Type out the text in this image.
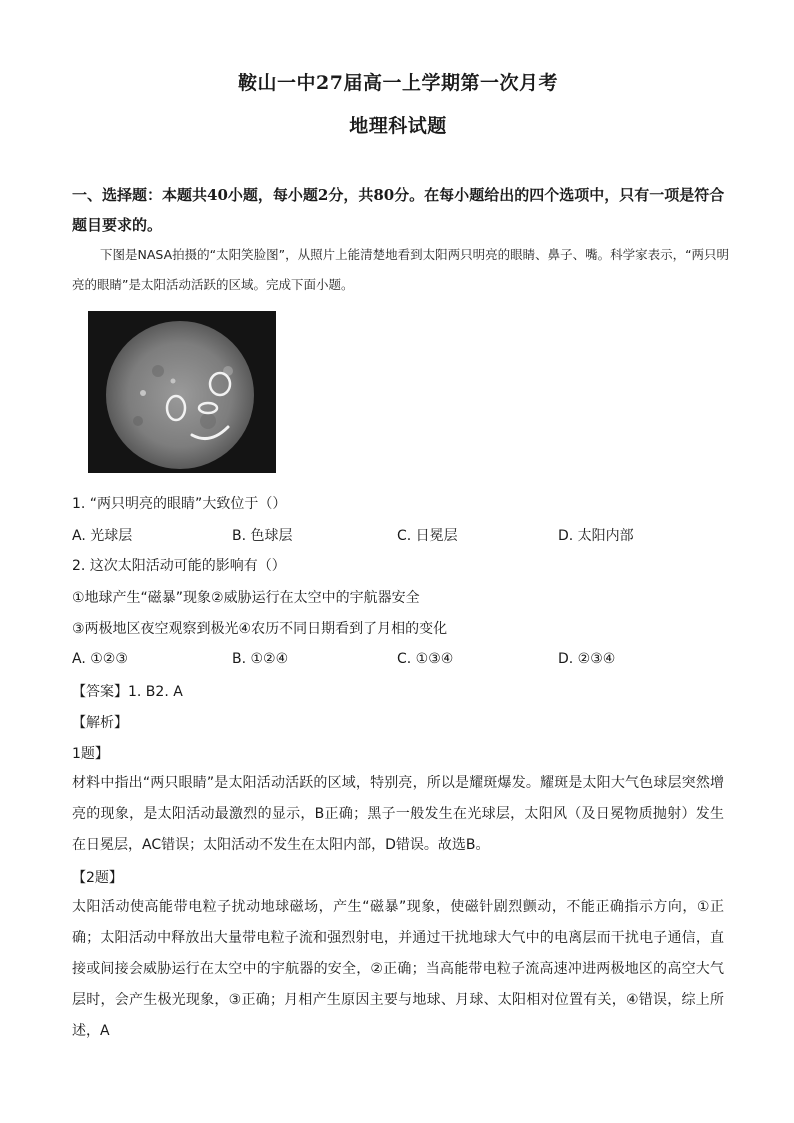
鞍山一中27届高一上学期第一次月考
地理科试题
一、选择题：本题共40小题，每小题2分，共80分。在每小题给出的四个选项中，只有一项是符合题目要求的。
下图是NASA拍摄的“太阳笑脸图”，从照片上能清楚地看到太阳两只明亮的眼睛、鼻子、嘴。科学家表示，“两只明亮的眼睛”是太阳活动活跃的区域。完成下面小题。
1. “两只明亮的眼睛”大致位于（）
A. 光球层	B. 色球层	C. 日冕层	D. 太阳内部
2. 这次太阳活动可能的影响有（）
①地球产生“磁暴”现象②威胁运行在太空中的宇航器安全
③两极地区夜空观察到极光④农历不同日期看到了月相的变化
A. ①②③	B. ①②④	C. ①③④	D. ②③④
【答案】1. B2. A
【解析】
1题】
材料中指出“两只眼睛”是太阳活动活跃的区域，特别亮，所以是耀斑爆发。耀斑是太阳大气色球层突然增亮的现象，是太阳活动最激烈的显示，B正确；黑子一般发生在光球层，太阳风（及日冕物质抛射）发生在日冕层，AC错误；太阳活动不发生在太阳内部，D错误。故选B。
【2题】
太阳活动使高能带电粒子扰动地球磁场，产生“磁暴”现象，使磁针剧烈颤动，不能正确指示方向，①正确；太阳活动中释放出大量带电粒子流和强烈射电，并通过干扰地球大气中的电离层而干扰电子通信，直接或间接会威胁运行在太空中的宇航器的安全，②正确；当高能带电粒子流高速冲进两极地区的高空大气层时，会产生极光现象，③正确；月相产生原因主要与地球、月球、太阳相对位置有关，④错误，综上所述，A
